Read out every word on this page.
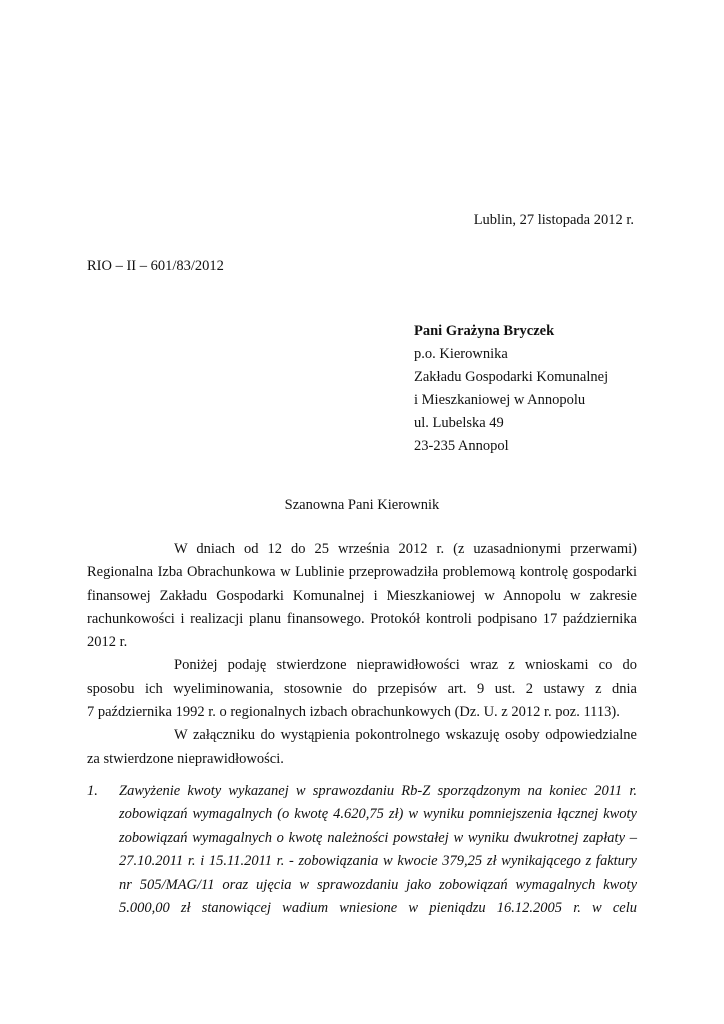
Lublin, 27 listopada 2012 r.
RIO – II – 601/83/2012
Pani Grażyna Bryczek
p.o. Kierownika
Zakładu Gospodarki Komunalnej
i Mieszkaniowej w Annopolu
ul. Lubelska 49
23-235 Annopol
Szanowna Pani Kierownik
W dniach od 12 do 25 września 2012 r. (z uzasadnionymi przerwami)
Regionalna Izba Obrachunkowa w Lublinie przeprowadziła problemową kontrolę gospodarki
finansowej Zakładu Gospodarki Komunalnej i Mieszkaniowej w Annopolu w zakresie
rachunkowości i realizacji planu finansowego. Protokół kontroli podpisano 17 października
2012 r.
Poniżej podaję stwierdzone nieprawidłowości wraz z wnioskami co do
sposobu ich wyeliminowania, stosownie do przepisów art. 9 ust. 2 ustawy z dnia
7 października 1992 r. o regionalnych izbach obrachunkowych (Dz. U. z 2012 r. poz. 1113).
W załączniku do wystąpienia pokontrolnego wskazuję osoby odpowiedzialne
za stwierdzone nieprawidłowości.
1. Zawyżenie kwoty wykazanej w sprawozdaniu Rb-Z sporządzonym na koniec 2011 r.
zobowiązań wymagalnych (o kwotę 4.620,75 zł) w wyniku pomniejszenia łącznej kwoty
zobowiązań wymagalnych o kwotę należności powstałej w wyniku dwukrotnej zapłaty –
27.10.2011 r. i 15.11.2011 r. - zobowiązania w kwocie 379,25 zł wynikającego z faktury
nr 505/MAG/11 oraz ujęcia w sprawozdaniu jako zobowiązań wymagalnych kwoty
5.000,00 zł stanowiącej wadium wniesione w pieniądzu 16.12.2005 r. w celu
